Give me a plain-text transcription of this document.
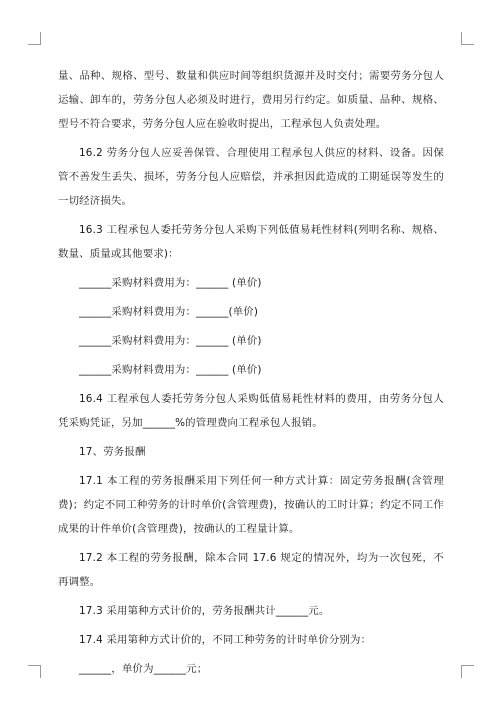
量、品种、规格、型号、数量和供应时间等组织货源并及时交付；需要劳务分包人运输、卸车的，劳务分包人必须及时进行，费用另行约定。如质量、品种、规格、型号不符合要求，劳务分包人应在验收时提出，工程承包人负责处理。

16.2 劳务分包人应妥善保管、合理使用工程承包人供应的材料、设备。因保管不善发生丢失、损坏，劳务分包人应赔偿，并承担因此造成的工期延误等发生的一切经济损失。

16.3 工程承包人委托劳务分包人采购下列低值易耗性材料(列明名称、规格、数量、质量或其他要求)：

______采购材料费用为：______ (单价)

______采购材料费用为：______(单价)

______采购材料费用为：______ (单价)

______采购材料费用为：______ (单价)

16.4 工程承包人委托劳务分包人采购低值易耗性材料的费用，由劳务分包人凭采购凭证，另加______%的管理费向工程承包人报销。

17、劳务报酬

17.1 本工程的劳务报酬采用下列任何一种方式计算：固定劳务报酬(含管理费)；约定不同工种劳务的计时单价(含管理费)，按确认的工时计算；约定不同工作成果的计件单价(含管理费)，按确认的工程量计算。

17.2 本工程的劳务报酬，除本合同 17.6 规定的情况外，均为一次包死，不再调整。

17.3 采用第种方式计价的，劳务报酬共计______元。

17.4 采用第种方式计价的，不同工种劳务的计时单价分别为：

______，单价为______元；
